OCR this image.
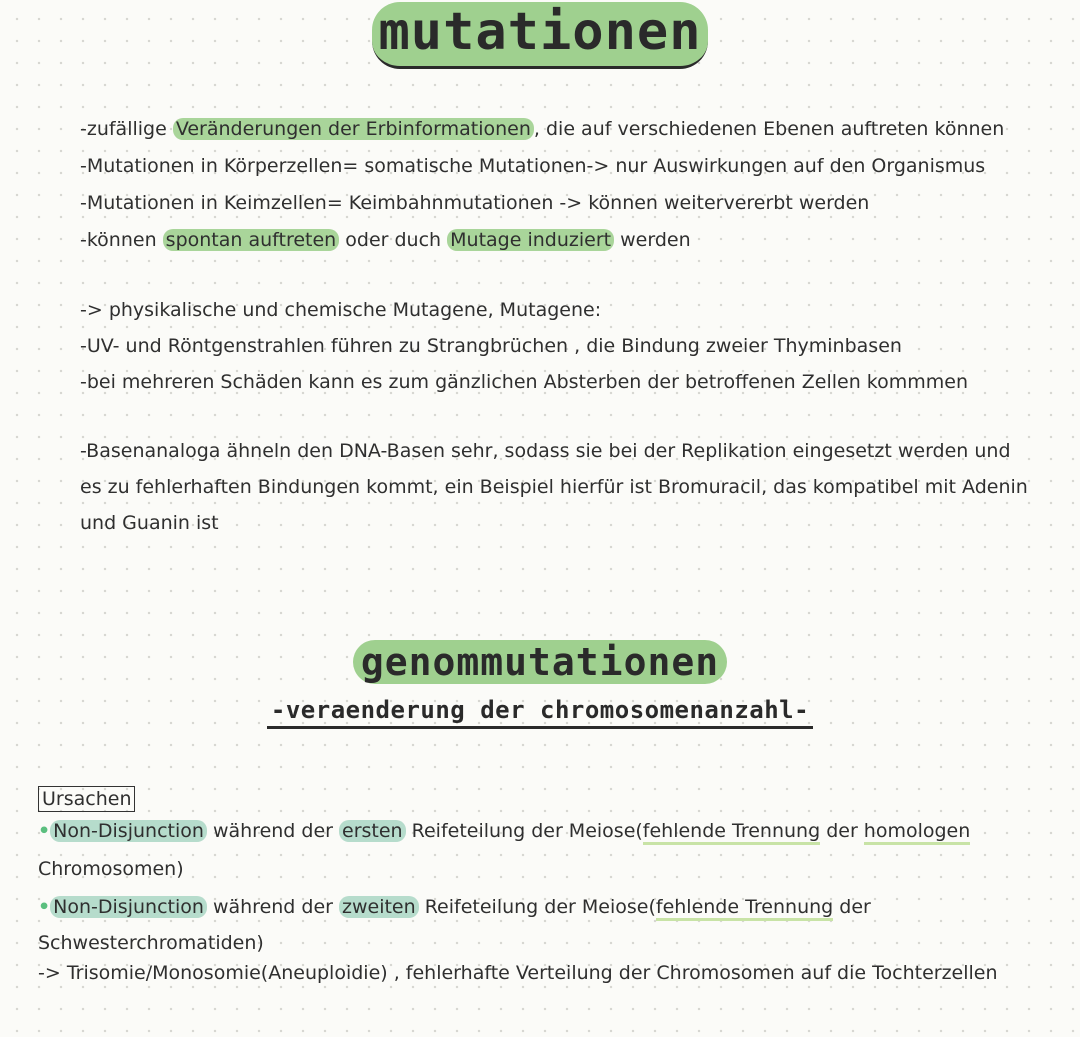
mutationen
-zufällige Veränderungen der Erbinformationen , die auf verschiedenen Ebenen auftreten können
-Mutationen in Körperzellen= somatische Mutationen-> nur Auswirkungen auf den Organismus
-Mutationen in Keimzellen= Keimbahnmutationen -> können weitervererbt werden
-können spontan auftreten oder duch Mutage induziert werden
-> physikalische und chemische Mutagene, Mutagene:
-UV- und Röntgenstrahlen führen zu Strangbrüchen , die Bindung zweier Thyminbasen
-bei mehreren Schäden kann es zum gänzlichen Absterben der betroffenen Zellen kommmen
-Basenanaloga ähneln den DNA-Basen sehr, sodass sie bei der Replikation eingesetzt werden und
es zu fehlerhaften Bindungen kommt, ein Beispiel hierfür ist Bromuracil, das kompatibel mit Adenin
und Guanin ist
genommutationen
-veraenderung der chromosomenanzahl-
Ursachen
• Non-Disjunction während der ersten Reifeteilung der Meiose(fehlende Trennung der homologen
Chromosomen)
• Non-Disjunction während der zweiten Reifeteilung der Meiose(fehlende Trennung der
Schwesterchromatiden)
-> Trisomie/Monosomie(Aneuploidie) , fehlerhafte Verteilung der Chromosomen auf die Tochterzellen
